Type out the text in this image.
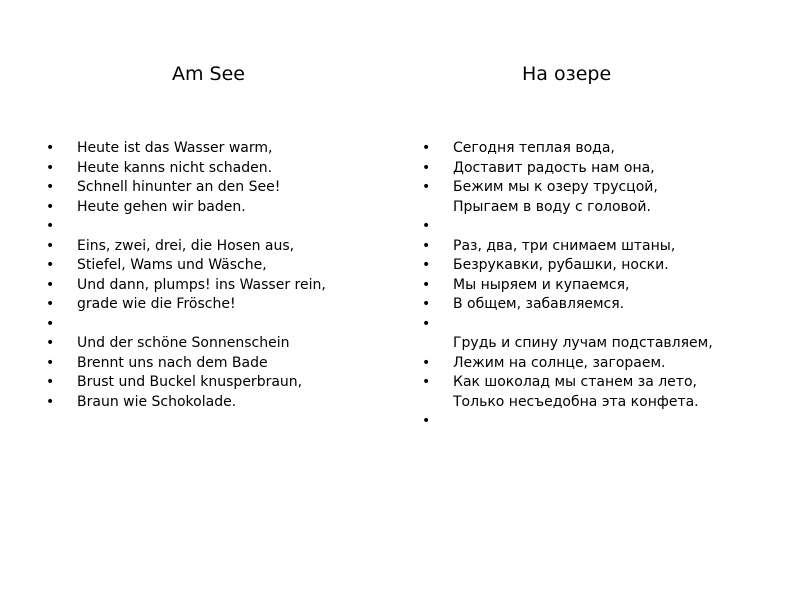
Am See
• Heute ist das Wasser warm,
• Heute kanns nicht schaden.
• Schnell hinunter an den See!
• Heute gehen wir baden.
•
• Eins, zwei, drei, die Hosen aus,
• Stiefel, Wams und Wäsche,
• Und dann, plumps! ins Wasser rein,
• grade wie die Frösche!
•
• Und der schöne Sonnenschein
• Brennt uns nach dem Bade
• Brust und Buckel knusperbraun,
• Braun wie Schokolade.
На озере
• Сегодня теплая вода,
• Доставит радость нам она,
• Бежим мы к озеру трусцой,
Прыгаем в воду с головой.
•
• Раз, два, три снимаем штаны,
• Безрукавки, рубашки, носки.
• Мы ныряем и купаемся,
• В общем, забавляемся.
•
Грудь и спину лучам подставляем,
• Лежим на солнце, загораем.
• Как шоколад мы станем за лето,
Только несъедобна эта конфета.
•
